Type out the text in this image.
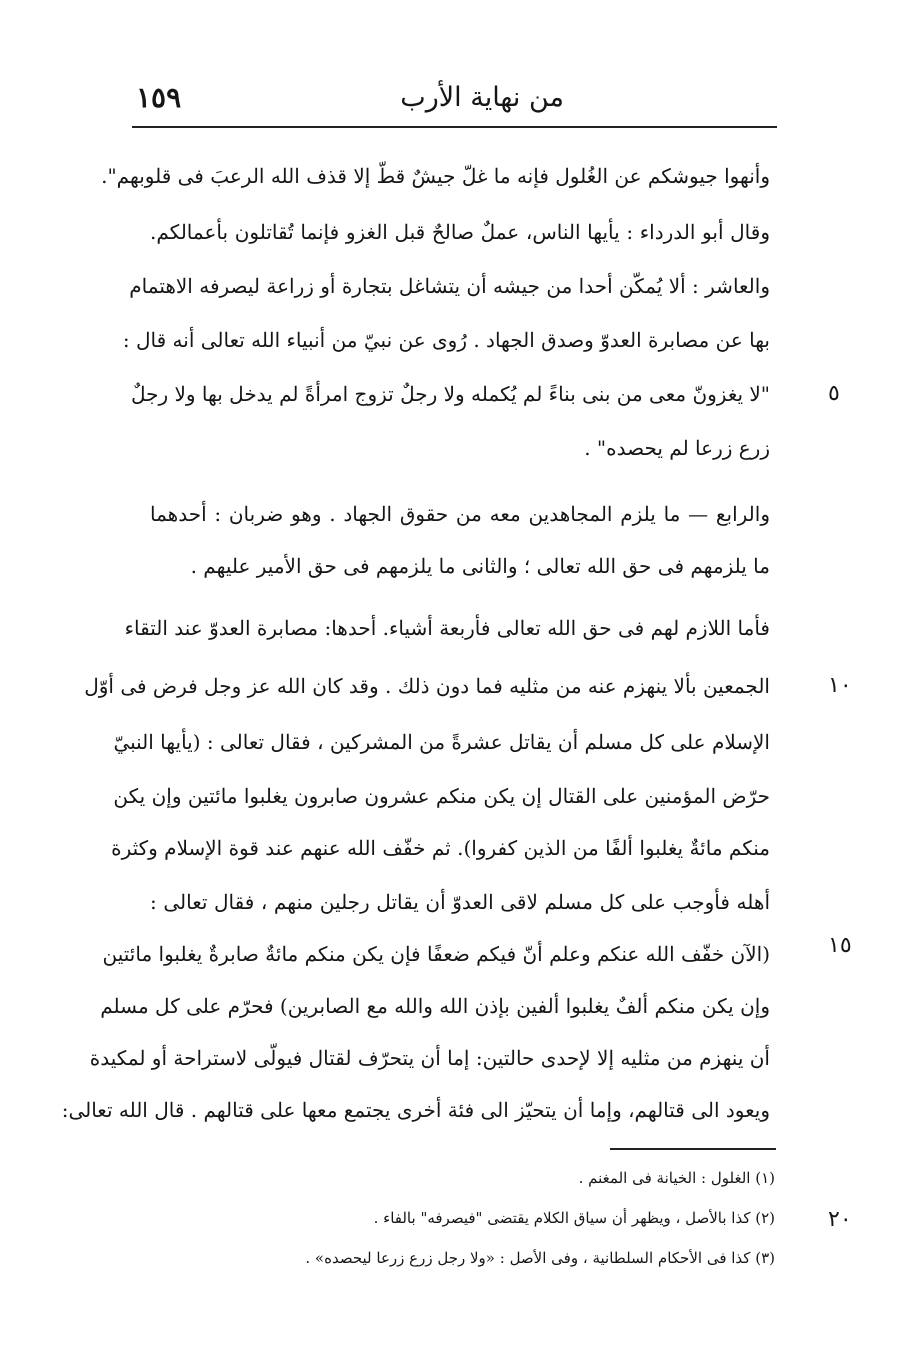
من نهاية الأرب
١٥٩
٥
١٠
١٥
٢٠
وأنهوا جيوشكم عن الغُلول فإنه ما غلّ جيشٌ قطّ إلا قذف الله الرعبَ فى قلوبهم".
وقال أبو الدرداء : يأيها الناس، عملٌ صالحٌ قبل الغزو فإنما تُقاتلون بأعمالكم.
والعاشر : ألا يُمكّن أحدا من جيشه أن يتشاغل بتجارة أو زراعة ليصرفه الاهتمام
بها عن مصابرة العدوّ وصدق الجهاد . رُوى عن نبيّ من أنبياء الله تعالى أنه قال :
"لا يغزونّ معى من بنى بناءً لم يُكمله ولا رجلٌ تزوج امرأةً لم يدخل بها ولا رجلٌ
زرع زرعا لم يحصده" .
والرابع — ما يلزم المجاهدين معه من حقوق الجهاد . وهو ضربان : أحدهما
ما يلزمهم فى حق الله تعالى ؛ والثانى ما يلزمهم فى حق الأمير عليهم .
فأما اللازم لهم فى حق الله تعالى فأربعة أشياء. أحدها: مصابرة العدوّ عند التقاء
الجمعين بألا ينهزم عنه من مثليه فما دون ذلك . وقد كان الله عز وجل فرض فى أوّل
الإسلام على كل مسلم أن يقاتل عشرةً من المشركين ، فقال تعالى : (يأيها النبيّ
حرّض المؤمنين على القتال إن يكن منكم عشرون صابرون يغلبوا مائتين وإن يكن
منكم مائةٌ يغلبوا ألفًا من الذين كفروا). ثم خفّف الله عنهم عند قوة الإسلام وكثرة
أهله فأوجب على كل مسلم لاقى العدوّ أن يقاتل رجلين منهم ، فقال تعالى :
(الآن خفّف الله عنكم وعلم أنّ فيكم ضعفًا فإن يكن منكم مائةٌ صابرةٌ يغلبوا مائتين
وإن يكن منكم ألفٌ يغلبوا ألفين بإذن الله والله مع الصابرين) فحرّم على كل مسلم
أن ينهزم من مثليه إلا لإحدى حالتين: إما أن يتحرّف لقتال فيولّى لاستراحة أو لمكيدة
ويعود الى قتالهم، وإما أن يتحيّز الى فئة أخرى يجتمع معها على قتالهم . قال الله تعالى:
(١) الغلول : الخيانة فى المغنم .
(٢) كذا بالأصل ، ويظهر أن سياق الكلام يقتضى "فيصرفه" بالفاء .
(٣) كذا فى الأحكام السلطانية ، وفى الأصل : «ولا رجل زرع زرعا ليحصده» .
